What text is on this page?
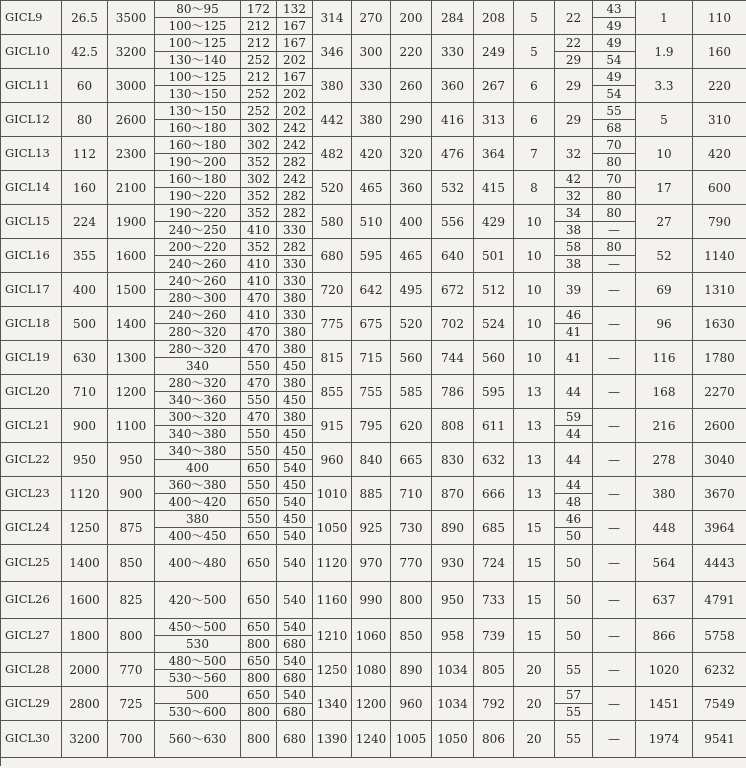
GICL9	26.5	3500	80～95	172	132	314	270	200	284	208	5	22	43	1	110
			100～125	212	167								49		
GICL10	42.5	3200	100～125	212	167	346	300	220	330	249	5	22	49	1.9	160
			130～140	252	202							29	54		
GICL11	60	3000	100～125	212	167	380	330	260	360	267	6	29	49	3.3	220
			130～150	252	202								54		
GICL12	80	2600	130～150	252	202	442	380	290	416	313	6	29	55	5	310
			160～180	302	242								68		
GICL13	112	2300	160～180	302	242	482	420	320	476	364	7	32	70	10	420
			190～200	352	282								80		
GICL14	160	2100	160～180	302	242	520	465	360	532	415	8	42	70	17	600
			190～220	352	282							32	80		
GICL15	224	1900	190～220	352	282	580	510	400	556	429	10	34	80	27	790
			240～250	410	330							38	—		
GICL16	355	1600	200～220	352	282	680	595	465	640	501	10	58	80	52	1140
			240～260	410	330							38	—		
GICL17	400	1500	240～260	410	330	720	642	495	672	512	10	39	—	69	1310
			280～300	470	380										
GICL18	500	1400	240～260	410	330	775	675	520	702	524	10	46	—	96	1630
			280～320	470	380							41			
GICL19	630	1300	280～320	470	380	815	715	560	744	560	10	41	—	116	1780
			340	550	450										
GICL20	710	1200	280～320	470	380	855	755	585	786	595	13	44	—	168	2270
			340～360	550	450										
GICL21	900	1100	300～320	470	380	915	795	620	808	611	13	59	—	216	2600
			340～380	550	450							44			
GICL22	950	950	340～380	550	450	960	840	665	830	632	13	44	—	278	3040
			400	650	540										
GICL23	1120	900	360～380	550	450	1010	885	710	870	666	13	44	—	380	3670
			400～420	650	540							48			
GICL24	1250	875	380	550	450	1050	925	730	890	685	15	46	—	448	3964
			400～450	650	540							50			
GICL25	1400	850	400～480	650	540	1120	970	770	930	724	15	50	—	564	4443
GICL26	1600	825	420～500	650	540	1160	990	800	950	733	15	50	—	637	4791
GICL27	1800	800	450～500	650	540	1210	1060	850	958	739	15	50	—	866	5758
			530	800	680										
GICL28	2000	770	480～500	650	540	1250	1080	890	1034	805	20	55	—	1020	6232
			530～560	800	680										
GICL29	2800	725	500	650	540	1340	1200	960	1034	792	20	57	—	1451	7549
			530～600	800	680							55			
GICL30	3200	700	560～630	800	680	1390	1240	1005	1050	806	20	55	—	1974	9541
